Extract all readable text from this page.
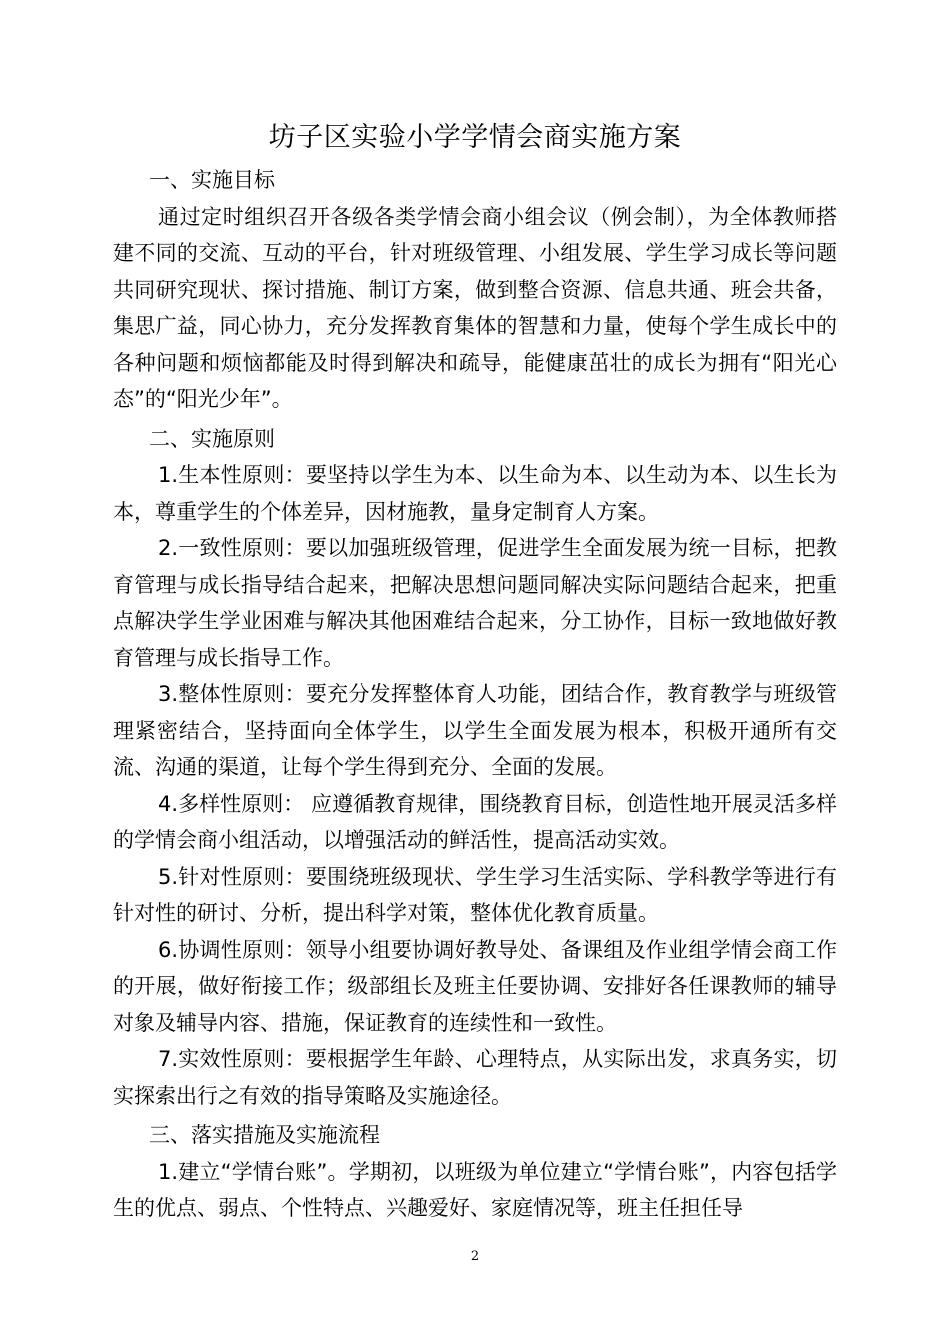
坊子区实验小学学情会商实施方案
一、实施目标
通过定时组织召开各级各类学情会商小组会议（例会制），为全体教师搭建不同的交流、互动的平台，针对班级管理、小组发展、学生学习成长等问题共同研究现状、探讨措施、制订方案，做到整合资源、信息共通、班会共备，集思广益，同心协力，充分发挥教育集体的智慧和力量，使每个学生成长中的各种问题和烦恼都能及时得到解决和疏导，能健康茁壮的成长为拥有“阳光心态”的“阳光少年”。
二、实施原则
1.生本性原则：要坚持以学生为本、以生命为本、以生动为本、以生长为本，尊重学生的个体差异，因材施教，量身定制育人方案。
2.一致性原则：要以加强班级管理，促进学生全面发展为统一目标，把教育管理与成长指导结合起来，把解决思想问题同解决实际问题结合起来，把重点解决学生学业困难与解决其他困难结合起来，分工协作，目标一致地做好教育管理与成长指导工作。
3.整体性原则：要充分发挥整体育人功能，团结合作，教育教学与班级管理紧密结合，坚持面向全体学生，以学生全面发展为根本，积极开通所有交流、沟通的渠道，让每个学生得到充分、全面的发展。
4.多样性原则： 应遵循教育规律，围绕教育目标，创造性地开展灵活多样的学情会商小组活动，以增强活动的鲜活性，提高活动实效。
5.针对性原则：要围绕班级现状、学生学习生活实际、学科教学等进行有针对性的研讨、分析，提出科学对策，整体优化教育质量。
6.协调性原则：领导小组要协调好教导处、备课组及作业组学情会商工作的开展，做好衔接工作；级部组长及班主任要协调、安排好各任课教师的辅导对象及辅导内容、措施，保证教育的连续性和一致性。
7.实效性原则：要根据学生年龄、心理特点，从实际出发，求真务实，切实探索出行之有效的指导策略及实施途径。
三、落实措施及实施流程
1.建立“学情台账”。学期初，以班级为单位建立“学情台账”，内容包括学生的优点、弱点、个性特点、兴趣爱好、家庭情况等，班主任担任导
2
